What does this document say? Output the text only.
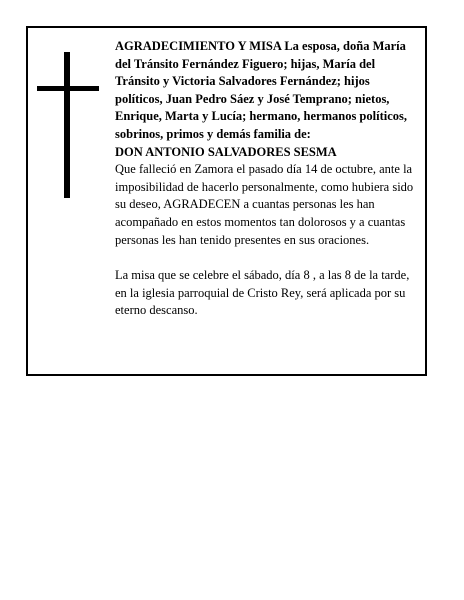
AGRADECIMIENTO Y MISA La esposa, doña María del Tránsito Fernández Figuero; hijas, María del Tránsito y Victoria Salvadores Fernández; hijos políticos, Juan Pedro Sáez y José Temprano; nietos, Enrique, Marta y Lucía; hermano, hermanos políticos, sobrinos, primos y demás familia de:

DON ANTONIO SALVADORES SESMA

Que falleció en Zamora el pasado día 14 de octubre, ante la imposibilidad de hacerlo personalmente, como hubiera sido su deseo, AGRADECEN a cuantas personas les han acompañado en estos momentos tan dolorosos y a cuantas personas les han tenido presentes en sus oraciones.

La misa que se celebre el sábado, día 8 , a las 8 de la tarde, en la iglesia parroquial de Cristo Rey, será aplicada por su eterno descanso.
